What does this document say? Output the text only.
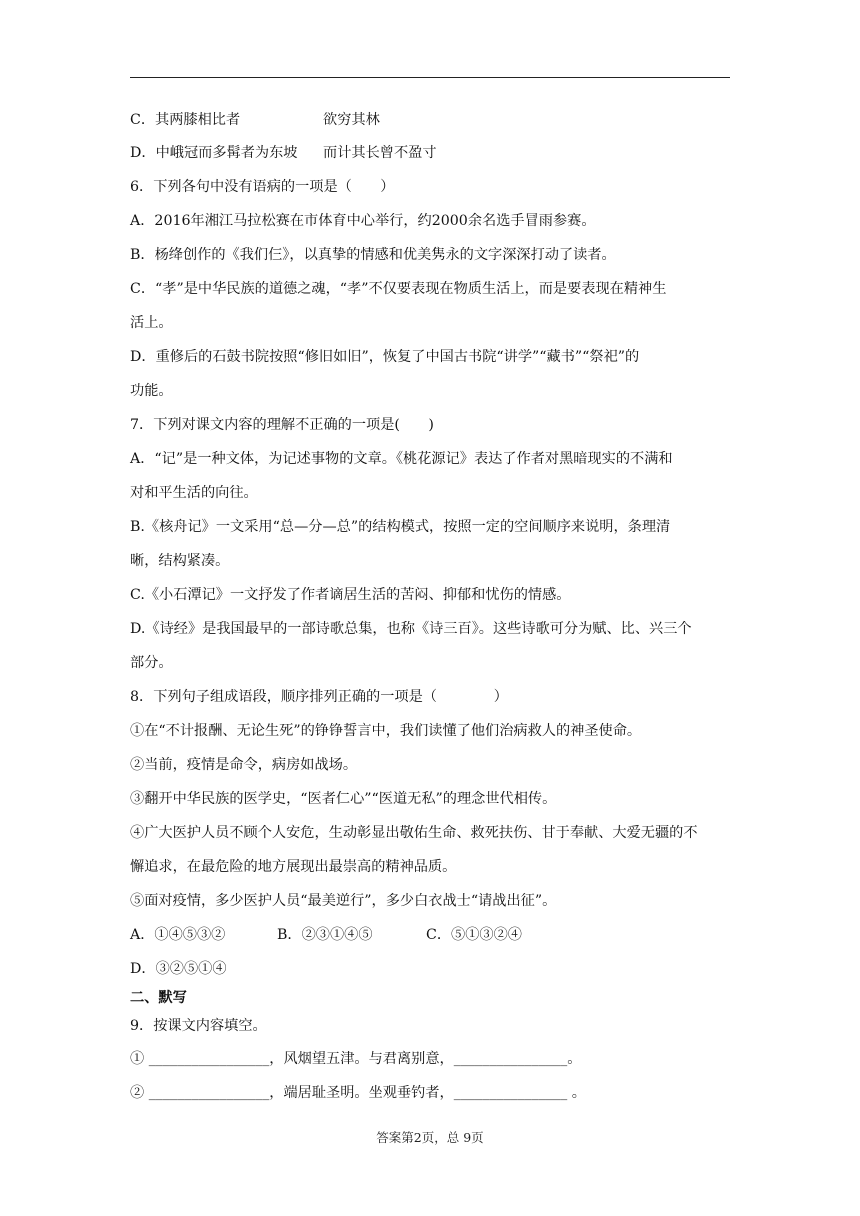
C．其两膝相比者	欲穷其林
D．中峨冠而多髯者为东坡 而计其长曾不盈寸
6．下列各句中没有语病的一项是（　　）
A．2016年湘江马拉松赛在市体育中心举行，约2000余名选手冒雨参赛。
B．杨绛创作的《我们仨》，以真挚的情感和优美隽永的文字深深打动了读者。
C．“孝”是中华民族的道德之魂，“孝”不仅要表现在物质生活上，而是要表现在精神生
活上。
D．重修后的石鼓书院按照“修旧如旧”，恢复了中国古书院“讲学”“藏书”“祭祀”的
功能。
7．下列对课文内容的理解不正确的一项是(　　)
A．“记”是一种文体，为记述事物的文章。《桃花源记》表达了作者对黑暗现实的不满和
对和平生活的向往。
B.《核舟记》一文采用“总—分—总”的结构模式，按照一定的空间顺序来说明，条理清
晰，结构紧凑。
C.《小石潭记》一文抒发了作者谪居生活的苦闷、抑郁和忧伤的情感。
D.《诗经》是我国最早的一部诗歌总集，也称《诗三百》。这些诗歌可分为赋、比、兴三个
部分。
8．下列句子组成语段，顺序排列正确的一项是（　　　　）
①在“不计报酬、无论生死”的铮铮誓言中，我们读懂了他们治病救人的神圣使命。
②当前，疫情是命令，病房如战场。
③翻开中华民族的医学史，“医者仁心”“医道无私”的理念世代相传。
④广大医护人员不顾个人安危，生动彰显出敬佑生命、救死扶伤、甘于奉献、大爱无疆的不
懈追求，在最危险的地方展现出最崇高的精神品质。
⑤面对疫情，多少医护人员“最美逆行”，多少白衣战士“请战出征”。
A．①④⑤③②	B．②③①④⑤	C．⑤①③②④
D．③②⑤①④
二、默写
9．按课文内容填空。
① _________________，风烟望五津。与君离别意，________________。
② _________________，端居耻圣明。坐观垂钓者，________________ 。
答案第2页，总 9页
